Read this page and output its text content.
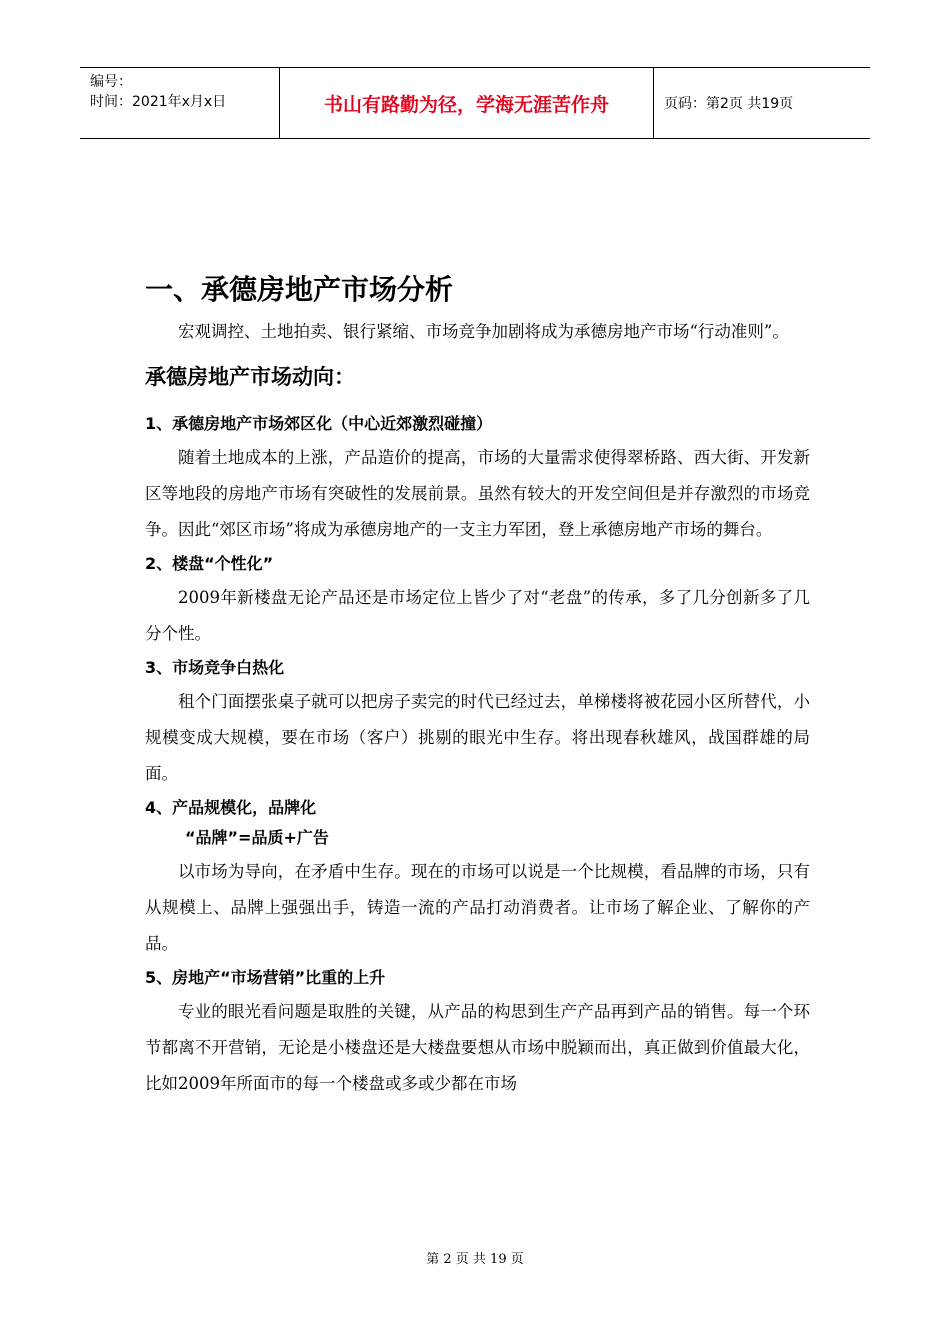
编号：
时间：2021年x月x日	书山有路勤为径，学海无涯苦作舟	页码：第2页 共19页
一、承德房地产市场分析

宏观调控、土地拍卖、银行紧缩、市场竞争加剧将成为承德房地产市场“行动准则”。

承德房地产市场动向：
1、承德房地产市场郊区化（中心近郊激烈碰撞）

随着土地成本的上涨，产品造价的提高，市场的大量需求使得翠桥路、西大街、开发新区等地段的房地产市场有突破性的发展前景。虽然有较大的开发空间但是并存激烈的市场竞争。因此“郊区市场”将成为承德房地产的一支主力军团，登上承德房地产市场的舞台。

2、楼盘“个性化”

2009年新楼盘无论产品还是市场定位上皆少了对“老盘”的传承，多了几分创新多了几分个性。

3、市场竞争白热化

租个门面摆张桌子就可以把房子卖完的时代已经过去，单梯楼将被花园小区所替代，小规模变成大规模，要在市场（客户）挑剔的眼光中生存。将出现春秋雄风，战国群雄的局面。

4、产品规模化，品牌化
“品牌”=品质+广告

以市场为导向，在矛盾中生存。现在的市场可以说是一个比规模，看品牌的市场，只有从规模上、品牌上强强出手，铸造一流的产品打动消费者。让市场了解企业、了解你的产品。

5、房地产“市场营销”比重的上升

专业的眼光看问题是取胜的关键，从产品的构思到生产产品再到产品的销售。每一个环节都离不开营销，无论是小楼盘还是大楼盘要想从市场中脱颖而出，真正做到价值最大化，比如2009年所面市的每一个楼盘或多或少都在市场

第 2 页 共 19 页
